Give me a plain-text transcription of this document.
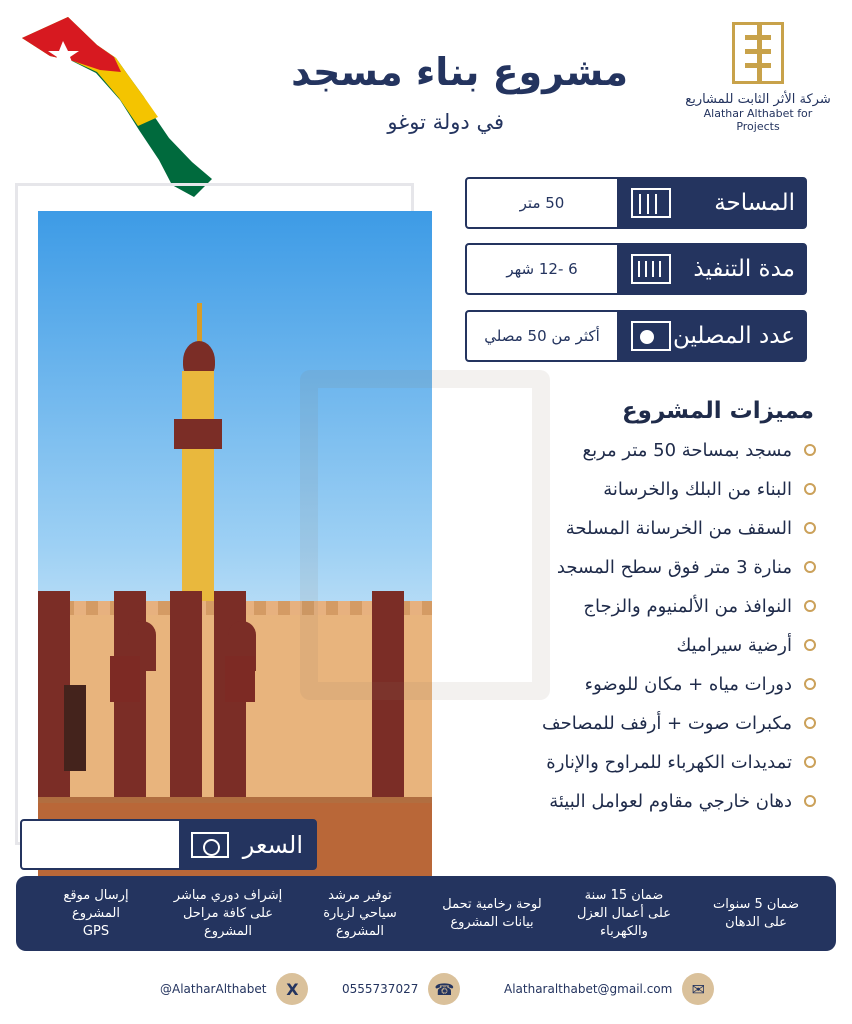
مشروع بناء مسجد
في دولة توغو
شركة الأثر الثابت للمشاريع
Alathar Althabet for Projects
المساحة
50 متر
مدة التنفيذ
6 -12 شهر
عدد المصلين
أكثر من 50 مصلي
مميزات المشروع
مسجد بمساحة 50 متر مربع
البناء من البلك والخرسانة
السقف من الخرسانة المسلحة
منارة 3 متر فوق سطح المسجد
النوافذ من الألمنيوم والزجاج
أرضية سيراميك
دورات مياه + مكان للوضوء
مكبرات صوت + أرفف للمصاحف
تمديدات الكهرباء للمراوح والإنارة
دهان خارجي مقاوم لعوامل البيئة
السعر
ريال
39,000
ضمان 5 سنوات
على الدهان
ضمان 15 سنة
على أعمال العزل
والكهرباء
لوحة رخامية تحمل
بيانات المشروع
توفير مرشد
سياحي لزيارة
المشروع
إشراف دوري مباشر
على كافة مراحل
المشروع
إرسال موقع
المشروع
GPS
@AlatharAlthabet	X	0555737027	☎	Alatharalthabet@gmail.com	✉
